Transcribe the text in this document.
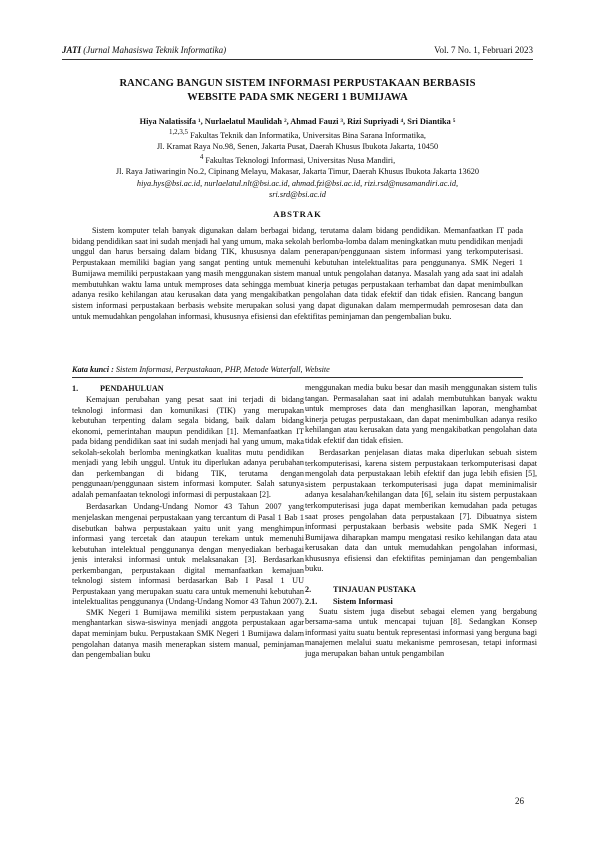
JATI (Jurnal Mahasiswa Teknik Informatika)	Vol. 7 No. 1, Februari 2023
RANCANG BANGUN SISTEM INFORMASI PERPUSTAKAAN BERBASIS
WEBSITE PADA SMK NEGERI 1 BUMIJAWA
Hiya Nalatissifa ¹, Nurlaelatul Maulidah ², Ahmad Fauzi ³, Rizi Supriyadi ⁴, Sri Diantika ⁵
$^{1,2,3,5}$ Fakultas Teknik dan Informatika, Universitas Bina Sarana Informatika,
Jl. Kramat Raya No.98, Senen, Jakarta Pusat, Daerah Khusus Ibukota Jakarta, 10450
$^4$ Fakultas Teknologi Informasi, Universitas Nusa Mandiri,
Jl. Raya Jatiwaringin No.2, Cipinang Melayu, Makasar, Jakarta Timur, Daerah Khusus Ibukota Jakarta 13620
hiya.hys@bsi.ac.id, nurlaelatul.nlt@bsi.ac.id, ahmad.fzi@bsi.ac.id, rizi.rsd@nusamandiri.ac.id,
sri.srd@bsi.ac.id
ABSTRAK
Sistem komputer telah banyak digunakan dalam berbagai bidang, terutama dalam bidang pendidikan. Memanfaatkan IT pada bidang pendidikan saat ini sudah menjadi hal yang umum, maka sekolah berlomba-lomba dalam meningkatkan mutu pendidikan menjadi unggul dan harus bersaing dalam bidang TIK, khususnya dalam penerapan/penggunaan sistem informasi yang terkomputerisasi. Perpustakaan memiliki bagian yang sangat penting untuk memenuhi kebutuhan intelektualitas para penggunanya. SMK Negeri 1 Bumijawa memiliki perpustakaan yang masih menggunakan sistem manual untuk pengolahan datanya. Masalah yang ada saat ini adalah membutuhkan waktu lama untuk memproses data sehingga membuat kinerja petugas perpustakaan terhambat dan dapat menimbulkan adanya resiko kehilangan atau kerusakan data yang mengakibatkan pengolahan data tidak efektif dan tidak efisien. Rancang bangun sistem informasi perpustakaan berbasis website merupakan solusi yang dapat digunakan dalam mempermudah pemrosesan data dan untuk memudahkan pengolahan informasi, khususnya efisiensi dan efektifitas peminjaman dan pengembalian buku.
Kata kunci : Sistem Informasi, Perpustakaan, PHP, Metode Waterfall, Website
1.	PENDAHULUAN

Kemajuan perubahan yang pesat saat ini terjadi di bidang teknologi informasi dan komunikasi (TIK) yang merupakan kebutuhan terpenting dalam segala bidang, baik dalam bidang ekonomi, pemerintahan maupun pendidikan [1]. Memanfaatkan IT pada bidang pendidikan saat ini sudah menjadi hal yang umum, maka sekolah-sekolah berlomba meningkatkan kualitas mutu pendidikan menjadi yang lebih unggul. Untuk itu diperlukan adanya perubahan dan perkembangan di bidang TIK, terutama dengan penggunaan/penggunaan sistem informasi komputer. Salah satunya adalah pemanfaatan teknologi informasi di perpustakaan [2].

Berdasarkan Undang-Undang Nomor 43 Tahun 2007 yang menjelaskan mengenai perpustakaan yang tercantum di Pasal 1 Bab 1 disebutkan bahwa perpustakaan yaitu unit yang menghimpun informasi yang tercetak dan ataupun terekam untuk memenuhi kebutuhan intelektual penggunanya dengan menyediakan berbagai jenis interaksi informasi untuk melaksanakan [3]. Berdasarkan perkembangan, perpustakaan digital memanfaatkan kemajuan teknologi sistem informasi berdasarkan Bab I Pasal 1 UU Perpustakaan yang merupakan suatu cara untuk memenuhi kebutuhan intelektualitas penggunanya (Undang-Undang Nomor 43 Tahun 2007).

SMK Negeri 1 Bumijawa memiliki sistem perpustakaan yang menghantarkan siswa-siswinya menjadi anggota perpustakaan agar dapat meminjam buku. Perpustakaan SMK Negeri 1 Bumijawa dalam pengolahan datanya masih menerapkan sistem manual, peminjaman dan pengembalian buku

menggunakan media buku besar dan masih menggunakan sistem tulis tangan. Permasalahan saat ini adalah membutuhkan banyak waktu untuk memproses data dan menghasilkan laporan, menghambat kinerja petugas perpustakaan, dan dapat menimbulkan adanya resiko kehilangan atau kerusakan data yang mengakibatkan pengolahan data tidak efektif dan tidak efisien.

Berdasarkan penjelasan diatas maka diperlukan sebuah sistem terkomputerisasi, karena sistem perpustakaan terkomputerisasi dapat mengolah data perpustakaan lebih efektif dan juga lebih efisien [5], sistem perpustakaan terkomputerisasi juga dapat meminimalisir adanya kesalahan/kehilangan data [6], selain itu sistem perpustakaan terkomputerisasi juga dapat memberikan kemudahan pada petugas saat proses pengolahan data perpustakaan [7]. Dibuatnya sistem informasi perpustakaan berbasis website pada SMK Negeri 1 Bumijawa diharapkan mampu mengatasi resiko kehilangan data atau kerusakan data dan untuk memudahkan pengolahan informasi, khususnya efisiensi dan efektifitas peminjaman dan pengembalian buku.

2.	TINJAUAN PUSTAKA
2.1.	Sistem Informasi

Suatu sistem juga disebut sebagai elemen yang bergabung bersama-sama untuk mencapai tujuan [8]. Sedangkan Konsep informasi yaitu suatu bentuk representasi informasi yang berguna bagi manajemen melalui suatu mekanisme pemrosesan, tetapi informasi juga merupakan bahan untuk pengambilan

26
